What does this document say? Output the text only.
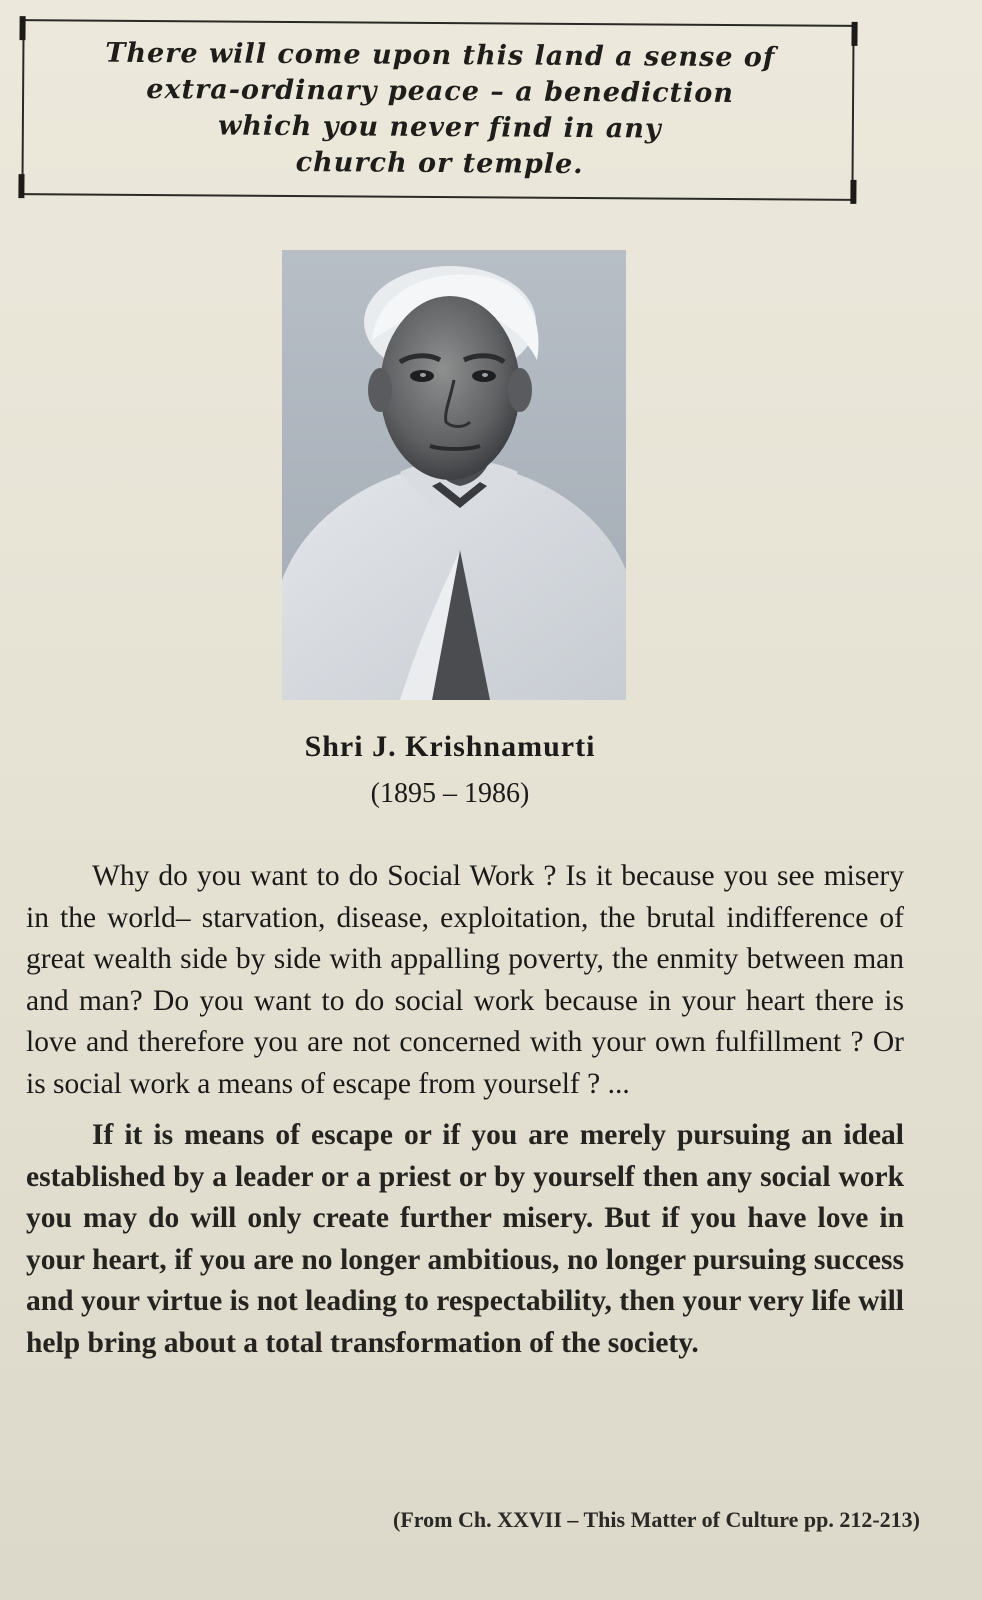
There will come upon this land a sense of
extra-ordinary peace – a benediction
which you never find in any
church or temple.

Shri J. Krishnamurti

(1895 – 1986)

Why do you want to do Social Work ? Is it because you see misery in the world– starvation, disease, exploitation, the brutal indifference of great wealth side by side with appalling poverty, the enmity between man and man? Do you want to do social work because in your heart there is love and therefore you are not concerned with your own fulfillment ? Or is social work a means of escape from yourself ? ...

If it is means of escape or if you are merely pursuing an ideal established by a leader or a priest or by yourself then any social work you may do will only create further misery. But if you have love in your heart, if you are no longer ambitious, no longer pursuing success and your virtue is not leading to respectability, then your very life will help bring about a total transformation of the society.

(From Ch. XXVII – This Matter of Culture pp. 212-213)
